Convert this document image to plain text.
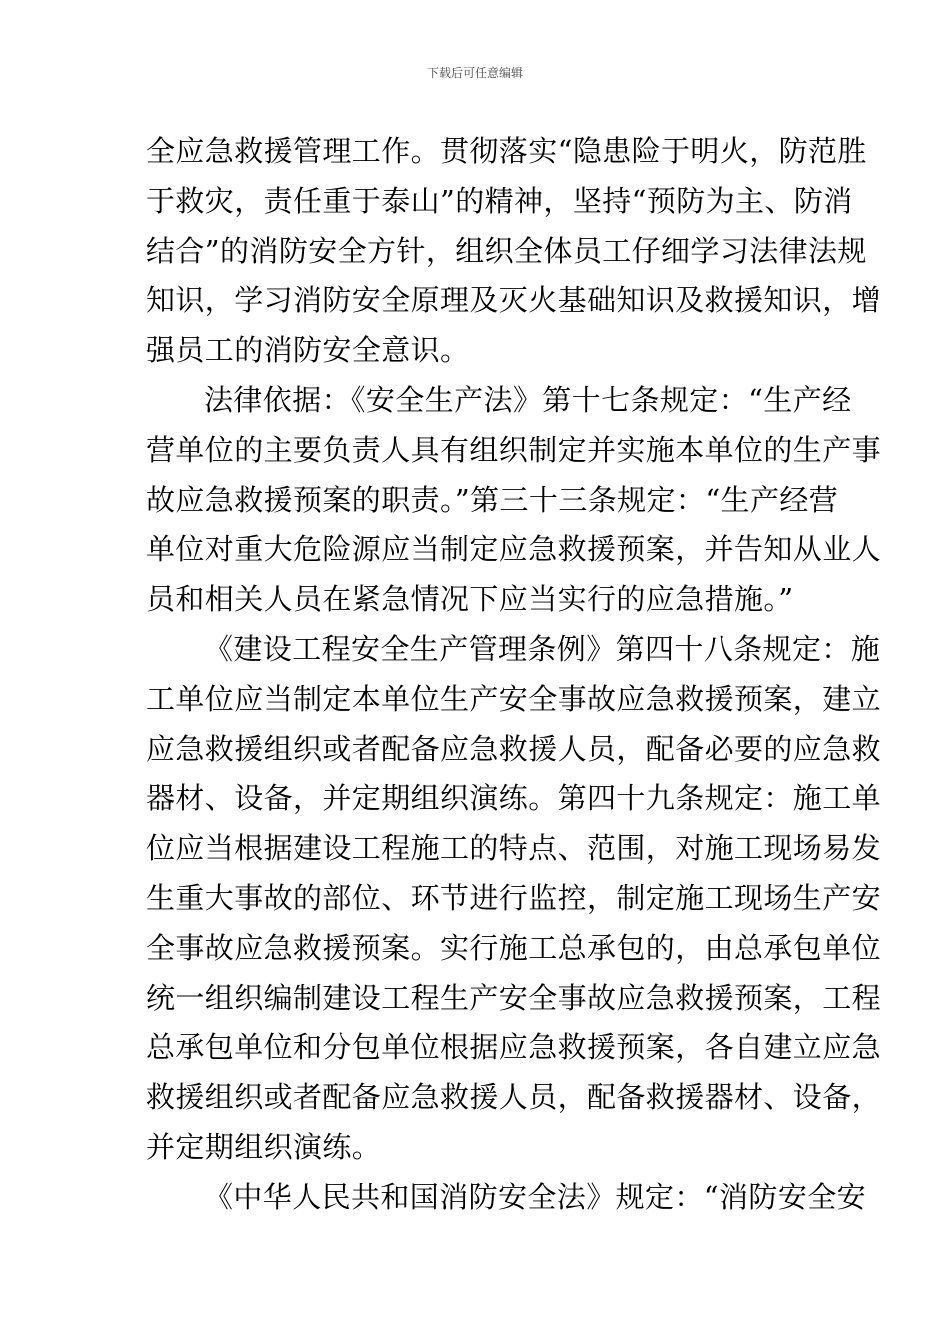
下载后可任意编辑
全应急救援管理工作。贯彻落实“隐患险于明火，防范胜
于救灾，责任重于泰山”的精神，坚持“预防为主、防消
结合”的消防安全方针，组织全体员工仔细学习法律法规
知识，学习消防安全原理及灭火基础知识及救援知识，增
强员工的消防安全意识。
法律依据：《安全生产法》第十七条规定：“生产经
营单位的主要负责人具有组织制定并实施本单位的生产事
故应急救援预案的职责。”第三十三条规定：“生产经营
单位对重大危险源应当制定应急救援预案，并告知从业人
员和相关人员在紧急情况下应当实行的应急措施。”
《建设工程安全生产管理条例》第四十八条规定：施
工单位应当制定本单位生产安全事故应急救援预案，建立
应急救援组织或者配备应急救援人员，配备必要的应急救
器材、设备，并定期组织演练。第四十九条规定：施工单
位应当根据建设工程施工的特点、范围，对施工现场易发
生重大事故的部位、环节进行监控，制定施工现场生产安
全事故应急救援预案。实行施工总承包的，由总承包单位
统一组织编制建设工程生产安全事故应急救援预案，工程
总承包单位和分包单位根据应急救援预案，各自建立应急
救援组织或者配备应急救援人员，配备救援器材、设备，
并定期组织演练。
《中华人民共和国消防安全法》规定：“消防安全安
